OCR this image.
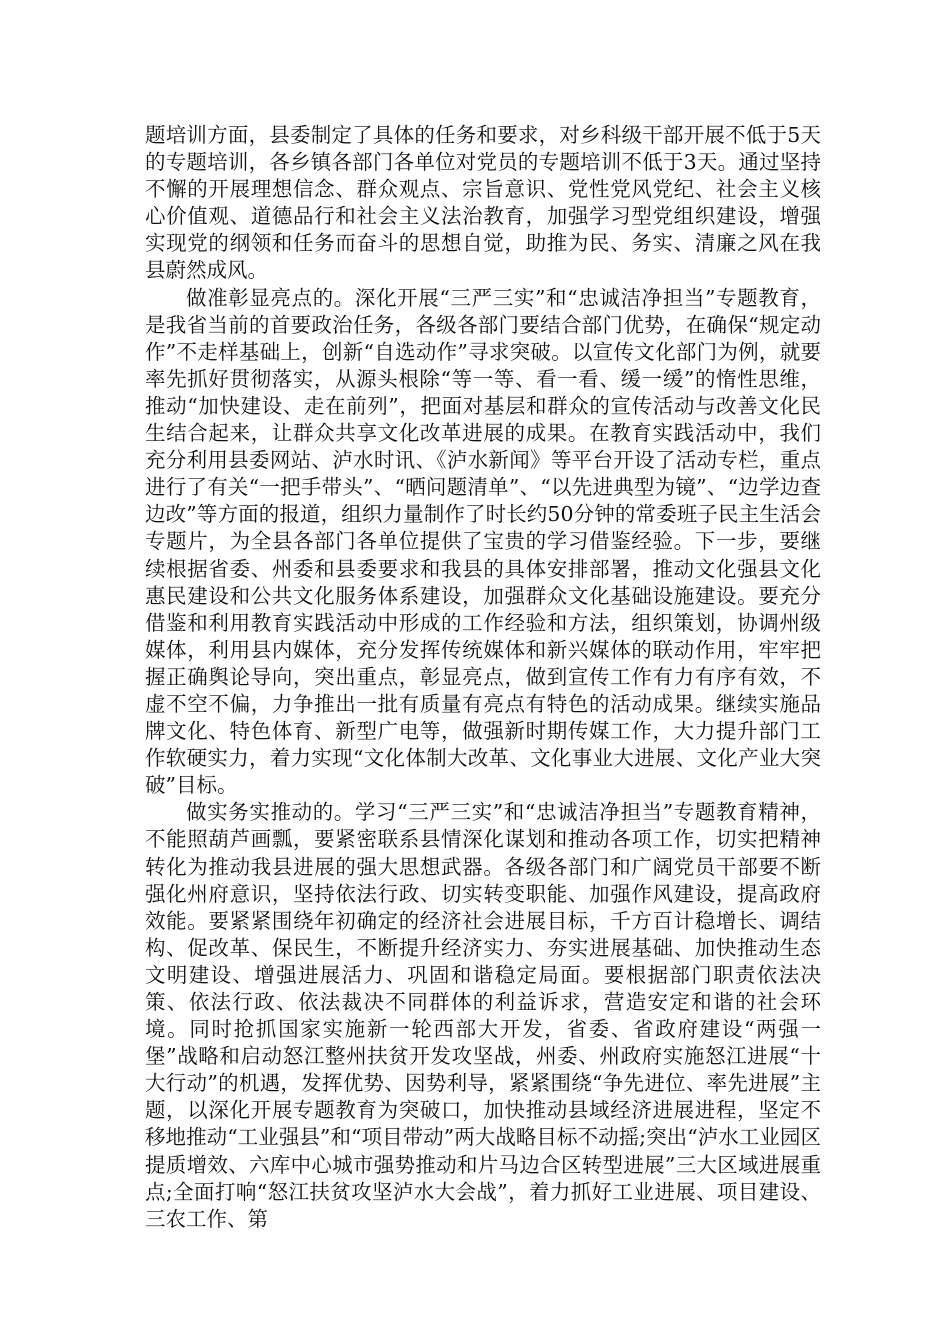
题培训方面，县委制定了具体的任务和要求，对乡科级干部开展不低于5天的专题培训，各乡镇各部门各单位对党员的专题培训不低于3天。通过坚持不懈的开展理想信念、群众观点、宗旨意识、党性党风党纪、社会主义核心价值观、道德品行和社会主义法治教育，加强学习型党组织建设，增强实现党的纲领和任务而奋斗的思想自觉，助推为民、务实、清廉之风在我县蔚然成风。

做准彰显亮点的。深化开展“三严三实”和“忠诚洁净担当”专题教育，是我省当前的首要政治任务，各级各部门要结合部门优势，在确保“规定动作”不走样基础上，创新“自选动作”寻求突破。以宣传文化部门为例，就要率先抓好贯彻落实，从源头根除“等一等、看一看、缓一缓”的惰性思维，推动“加快建设、走在前列”，把面对基层和群众的宣传活动与改善文化民生结合起来，让群众共享文化改革进展的成果。在教育实践活动中，我们充分利用县委网站、泸水时讯、《泸水新闻》等平台开设了活动专栏，重点进行了有关“一把手带头”、“晒问题清单”、“以先进典型为镜”、“边学边查边改”等方面的报道，组织力量制作了时长约50分钟的常委班子民主生活会专题片，为全县各部门各单位提供了宝贵的学习借鉴经验。下一步，要继续根据省委、州委和县委要求和我县的具体安排部署，推动文化强县文化惠民建设和公共文化服务体系建设，加强群众文化基础设施建设。要充分借鉴和利用教育实践活动中形成的工作经验和方法，组织策划，协调州级媒体，利用县内媒体，充分发挥传统媒体和新兴媒体的联动作用，牢牢把握正确舆论导向，突出重点，彰显亮点，做到宣传工作有力有序有效，不虚不空不偏，力争推出一批有质量有亮点有特色的活动成果。继续实施品牌文化、特色体育、新型广电等，做强新时期传媒工作，大力提升部门工作软硬实力，着力实现“文化体制大改革、文化事业大进展、文化产业大突破”目标。

做实务实推动的。学习“三严三实”和“忠诚洁净担当”专题教育精神，不能照葫芦画瓢，要紧密联系县情深化谋划和推动各项工作，切实把精神转化为推动我县进展的强大思想武器。各级各部门和广阔党员干部要不断强化州府意识，坚持依法行政、切实转变职能、加强作风建设，提高政府效能。要紧紧围绕年初确定的经济社会进展目标，千方百计稳增长、调结构、促改革、保民生，不断提升经济实力、夯实进展基础、加快推动生态文明建设、增强进展活力、巩固和谐稳定局面。要根据部门职责依法决策、依法行政、依法裁决不同群体的利益诉求，营造安定和谐的社会环境。同时抢抓国家实施新一轮西部大开发，省委、省政府建设“两强一堡”战略和启动怒江整州扶贫开发攻坚战，州委、州政府实施怒江进展“十大行动”的机遇，发挥优势、因势利导，紧紧围绕“争先进位、率先进展”主题，以深化开展专题教育为突破口，加快推动县域经济进展进程，坚定不移地推动“工业强县”和“项目带动”两大战略目标不动摇;突出“泸水工业园区提质增效、六库中心城市强势推动和片马边合区转型进展”三大区域进展重点;全面打响“怒江扶贫攻坚泸水大会战”，着力抓好工业进展、项目建设、三农工作、第
